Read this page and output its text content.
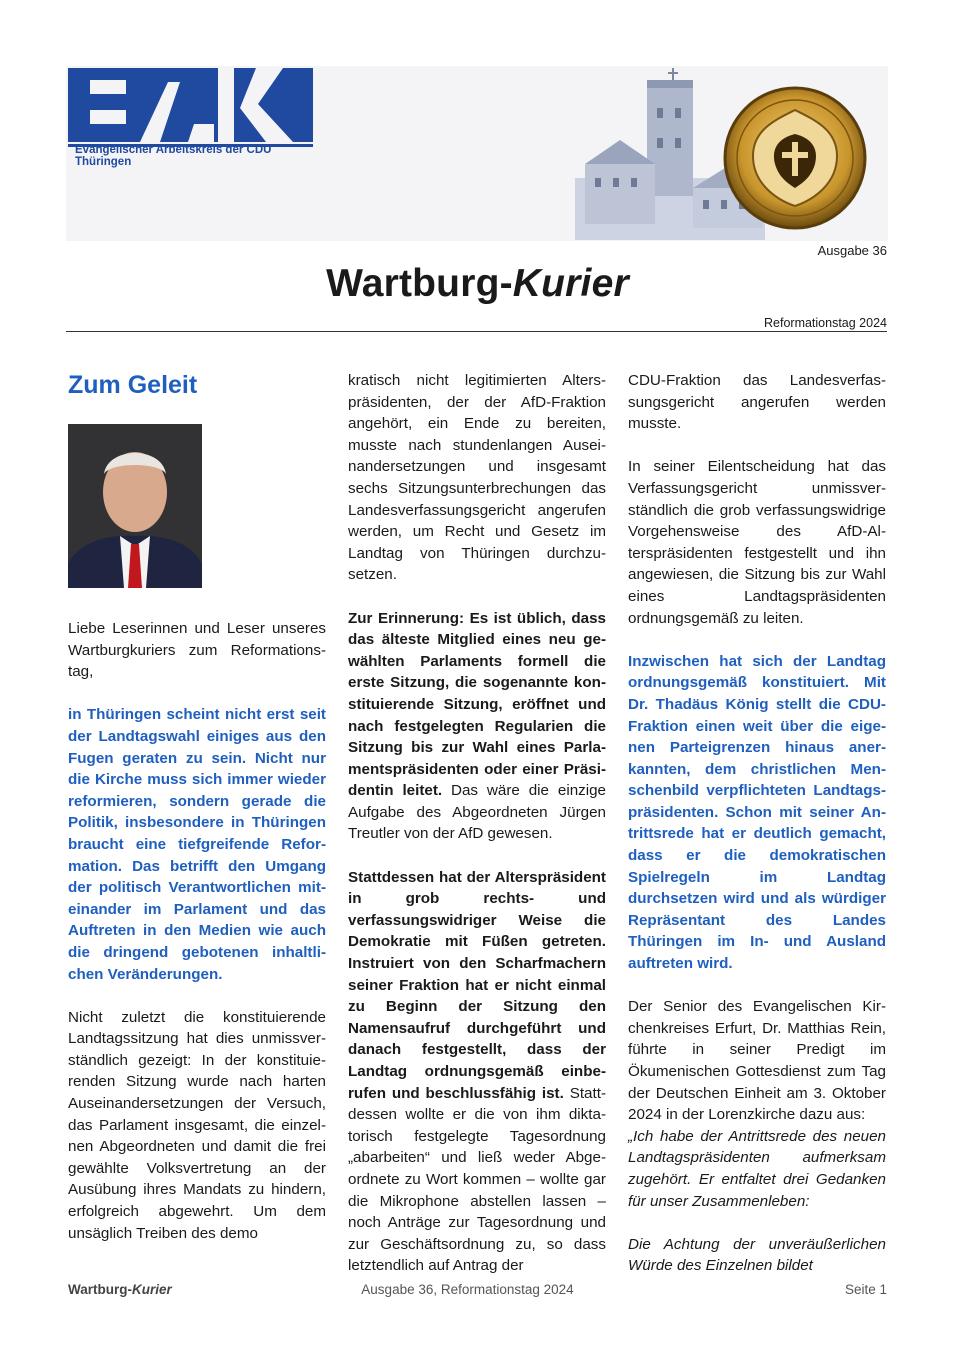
Evangelischer Arbeitskreis der CDU
Thüringen
Ausgabe 36
Wartburg-Kurier
Reformationstag 2024
Zum Geleit

Liebe Leserinnen und Leser unseres Wartburgkuriers zum Reformationstag,

in Thüringen scheint nicht erst seit der Landtagswahl einiges aus den Fugen geraten zu sein. Nicht nur die Kirche muss sich immer wieder reformieren, sondern gerade die Politik, insbesondere in Thüringen braucht eine tiefgreifende Reformation. Das betrifft den Umgang der politisch Verantwortlichen miteinander im Parlament und das Auftreten in den Medien wie auch die dringend gebotenen inhaltlichen Veränderungen.

Nicht zuletzt die konstituierende Landtagssitzung hat dies unmissverständlich gezeigt: In der konstituierenden Sitzung wurde nach harten Auseinandersetzungen der Versuch, das Parlament insgesamt, die einzelnen Abgeordneten und damit die frei gewählte Volksvertretung an der Ausübung ihres Mandats zu hindern, erfolgreich abgewehrt. Um dem unsäglich Treiben des demo

kratisch nicht legitimierten Alterspräsidenten, der der AfD-Fraktion angehört, ein Ende zu bereiten, musste nach stundenlangen Auseinandersetzungen und insgesamt sechs Sitzungsunterbrechungen das Landesverfassungsgericht angerufen werden, um Recht und Gesetz im Landtag von Thüringen durchzusetzen.

Zur Erinnerung: Es ist üblich, dass das älteste Mitglied eines neu gewählten Parlaments formell die erste Sitzung, die sogenannte konstituierende Sitzung, eröffnet und nach festgelegten Regularien die Sitzung bis zur Wahl eines Parlamentspräsidenten oder einer Präsidentin leitet. Das wäre die einzige Aufgabe des Abgeordneten Jürgen Treutler von der AfD gewesen.

Stattdessen hat der Alterspräsident in grob rechts- und verfassungswidriger Weise die Demokratie mit Füßen getreten. Instruiert von den Scharfmachern seiner Fraktion hat er nicht einmal zu Beginn der Sitzung den Namensaufruf durchgeführt und danach festgestellt, dass der Landtag ordnungsgemäß einberufen und beschlussfähig ist. Stattdessen wollte er die von ihm diktatorisch festgelegte Tagesordnung „abarbeiten“ und ließ weder Abgeordnete zu Wort kommen – wollte gar die Mikrophone abstellen lassen – noch Anträge zur Tagesordnung und zur Geschäftsordnung zu, so dass letztendlich auf Antrag der

CDU-Fraktion das Landesverfassungsgericht angerufen werden musste.

In seiner Eilentscheidung hat das Verfassungsgericht unmissverständlich die grob verfassungswidrige Vorgehensweise des AfD-Alterspräsidenten festgestellt und ihn angewiesen, die Sitzung bis zur Wahl eines Landtagspräsidenten ordnungsgemäß zu leiten.

Inzwischen hat sich der Landtag ordnungsgemäß konstituiert. Mit Dr. Thadäus König stellt die CDU-Fraktion einen weit über die eigenen Parteigrenzen hinaus anerkannten, dem christlichen Menschenbild verpflichteten Landtagspräsidenten. Schon mit seiner Antrittsrede hat er deutlich gemacht, dass er die demokratischen Spielregeln im Landtag durchsetzen wird und als würdiger Repräsentant des Landes Thüringen im In- und Ausland auftreten wird.

Der Senior des Evangelischen Kirchenkreises Erfurt, Dr. Matthias Rein, führte in seiner Predigt im Ökumenischen Gottesdienst zum Tag der Deutschen Einheit am 3. Oktober 2024 in der Lorenzkirche dazu aus:

„Ich habe der Antrittsrede des neuen Landtagspräsidenten aufmerksam zugehört. Er entfaltet drei Gedanken für unser Zusammenleben:

Die Achtung der unveräußerlichen Würde des Einzelnen bildet

Wartburg-Kurier	Ausgabe 36, Reformationstag 2024	Seite 1
